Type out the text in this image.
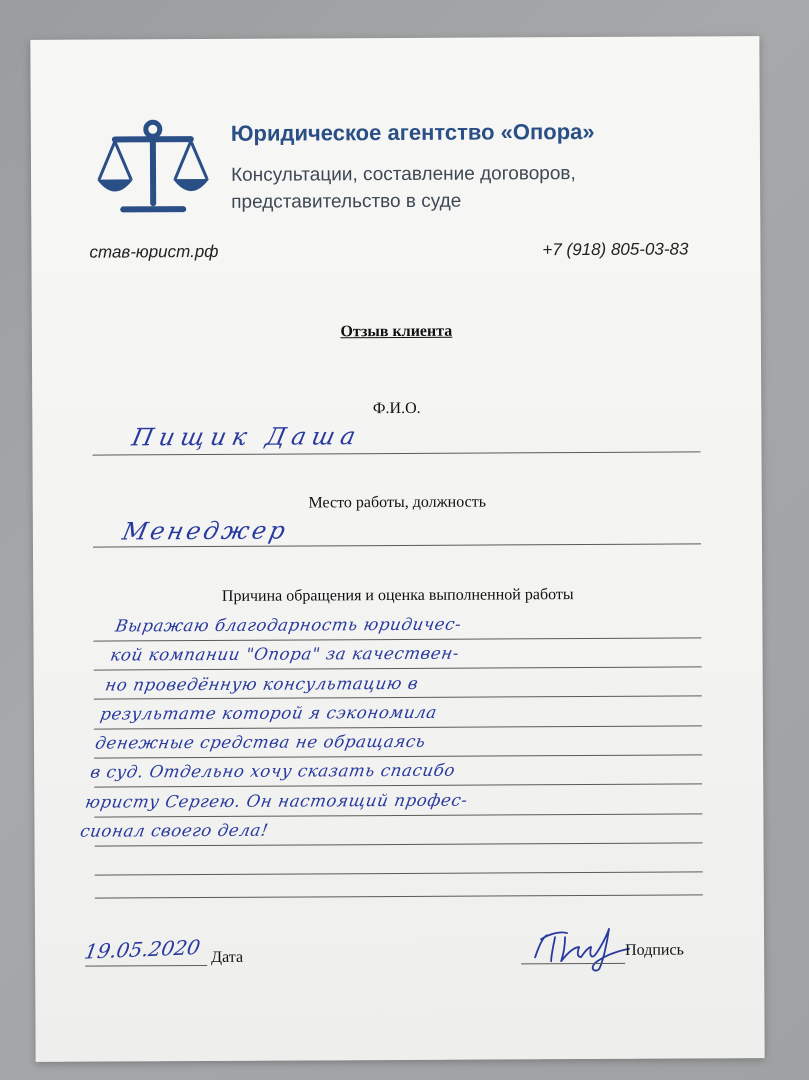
Юридическое агентство «Опора»
Консультации, составление договоров, представительство в суде
став-юрист.рф	+7 (918) 805-03-83
Отзыв клиента
Ф.И.О.
Пищик Даша
Место работы, должность
Менеджер
Причина обращения и оценка выполненной работы
Выражаю благодарность юридичес-
кой компании "Опора" за качествен-
но проведённую консультацию в
результате которой я сэкономила
денежные средства не обращаясь
в суд. Отдельно хочу сказать спасибо
юристу Сергею. Он настоящий профес-
сионал своего дела!
19.05.2020 Дата	Подпись
